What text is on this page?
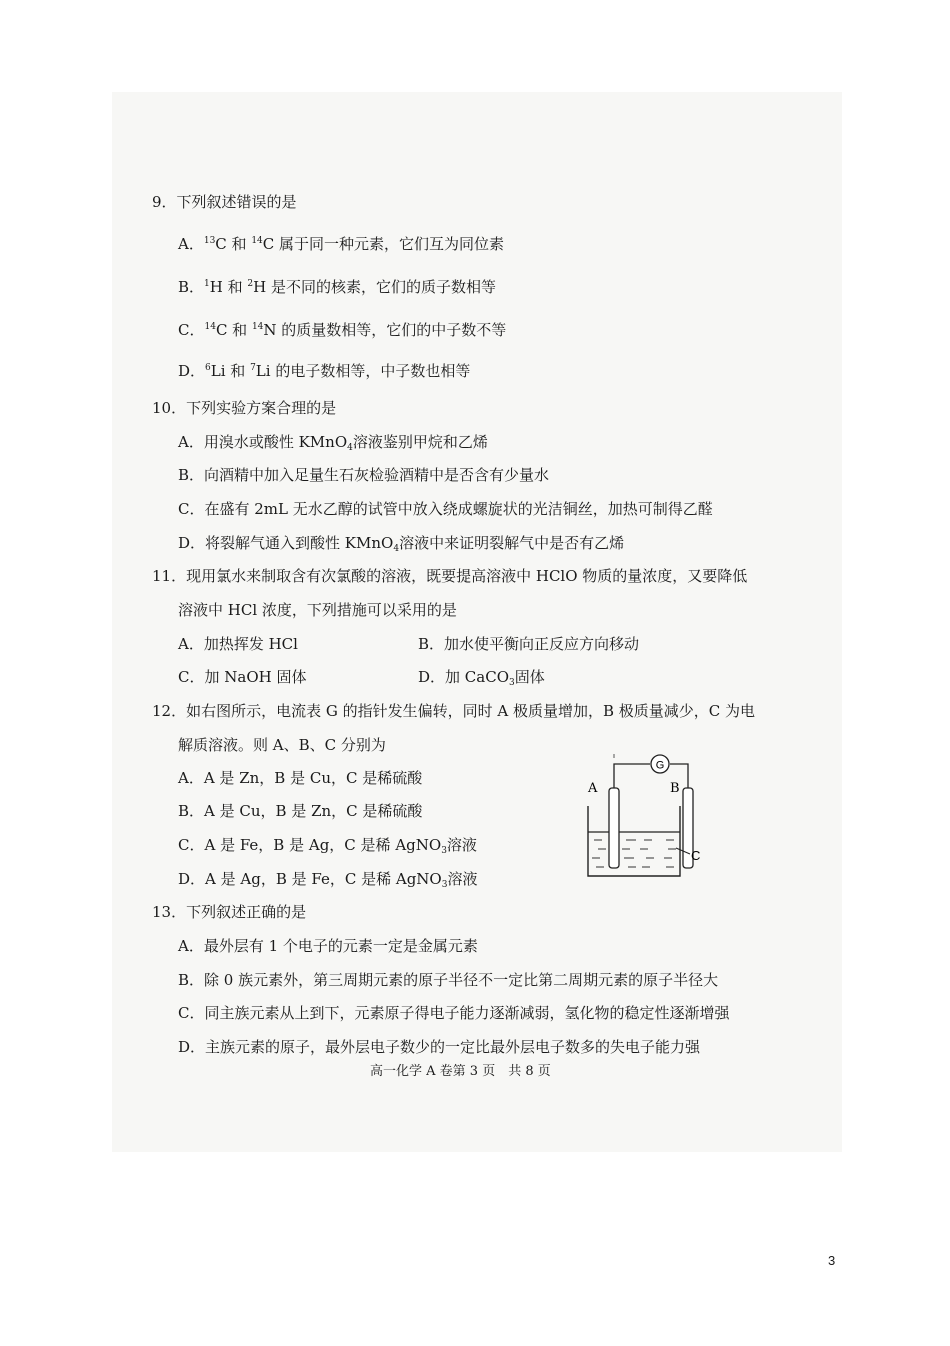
9．下列叙述错误的是
A．$^{13}$C 和 $^{14}$C 属于同一种元素，它们互为同位素
B．$^1$H 和 $^2$H 是不同的核素，它们的质子数相等
C．$^{14}$C 和 $^{14}$N 的质量数相等，它们的中子数不等
D．$^6$Li 和 $^7$Li 的电子数相等，中子数也相等
10．下列实验方案合理的是
A．用溴水或酸性 KMnO$_4$溶液鉴别甲烷和乙烯
B．向酒精中加入足量生石灰检验酒精中是否含有少量水
C．在盛有 2mL 无水乙醇的试管中放入绕成螺旋状的光洁铜丝，加热可制得乙醛
D．将裂解气通入到酸性 KMnO$_4$溶液中来证明裂解气中是否有乙烯
11．现用氯水来制取含有次氯酸的溶液，既要提高溶液中 HClO 物质的量浓度，又要降低
溶液中 HCl 浓度，下列措施可以采用的是
A．加热挥发 HCl	B．加水使平衡向正反应方向移动
C．加 NaOH 固体	D．加 CaCO$_3$固体
12．如右图所示，电流表 G 的指针发生偏转，同时 A 极质量增加，B 极质量减少，C 为电
解质溶液。则 A、B、C 分别为
A．A 是 Zn，B 是 Cu，C 是稀硫酸
B．A 是 Cu，B 是 Zn，C 是稀硫酸
C．A 是 Fe，B 是 Ag，C 是稀 AgNO$_3$溶液
D．A 是 Ag，B 是 Fe，C 是稀 AgNO$_3$溶液
G
A	B
C
13．下列叙述正确的是
A．最外层有 1 个电子的元素一定是金属元素
B．除 0 族元素外，第三周期元素的原子半径不一定比第二周期元素的原子半径大
C．同主族元素从上到下，元素原子得电子能力逐渐减弱，氢化物的稳定性逐渐增强
D．主族元素的原子，最外层电子数少的一定比最外层电子数多的失电子能力强
高一化学 A 卷第 3 页　共 8 页
3
